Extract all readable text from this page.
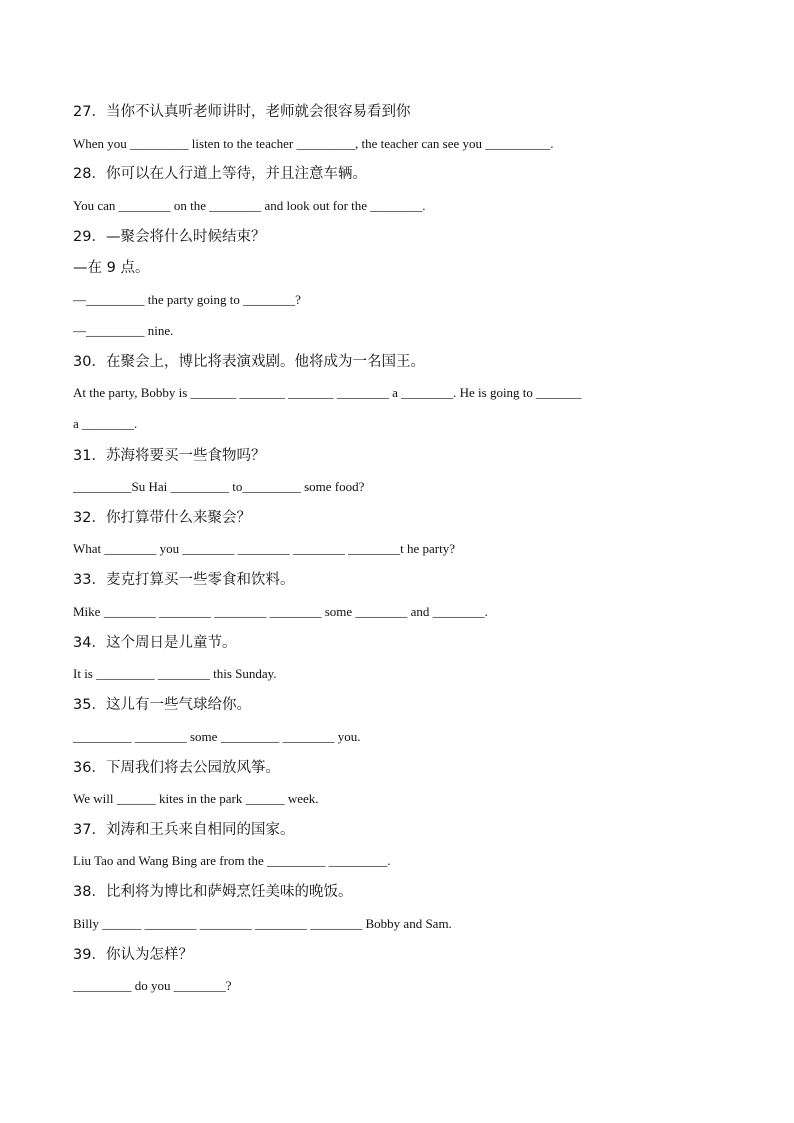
27．当你不认真听老师讲时，老师就会很容易看到你
When you _________ listen to the teacher _________, the teacher can see you __________.
28．你可以在人行道上等待，并且注意车辆。
You can ________ on the ________ and look out for the ________.
29．—聚会将什么时候结束？
—在 9 点。
—_________ the party going to ________?
—_________ nine.
30．在聚会上，博比将表演戏剧。他将成为一名国王。
At the party, Bobby is _______ _______ _______ ________ a ________. He is going to _______
a ________.
31．苏海将要买一些食物吗？
_________Su Hai _________ to_________ some food?
32．你打算带什么来聚会？
What ________ you ________ ________ ________ ________t he party?
33．麦克打算买一些零食和饮料。
Mike ________ ________ ________ ________ some ________ and ________.
34．这个周日是儿童节。
It is _________ ________ this Sunday.
35．这儿有一些气球给你。
_________ ________ some _________ ________ you.
36．下周我们将去公园放风筝。
We will ______ kites in the park ______ week.
37．刘涛和王兵来自相同的国家。
Liu Tao and Wang Bing are from the _________ _________.
38．比利将为博比和萨姆烹饪美味的晚饭。
Billy ______ ________ ________ ________ ________ Bobby and Sam.
39．你认为怎样？
_________ do you ________?
